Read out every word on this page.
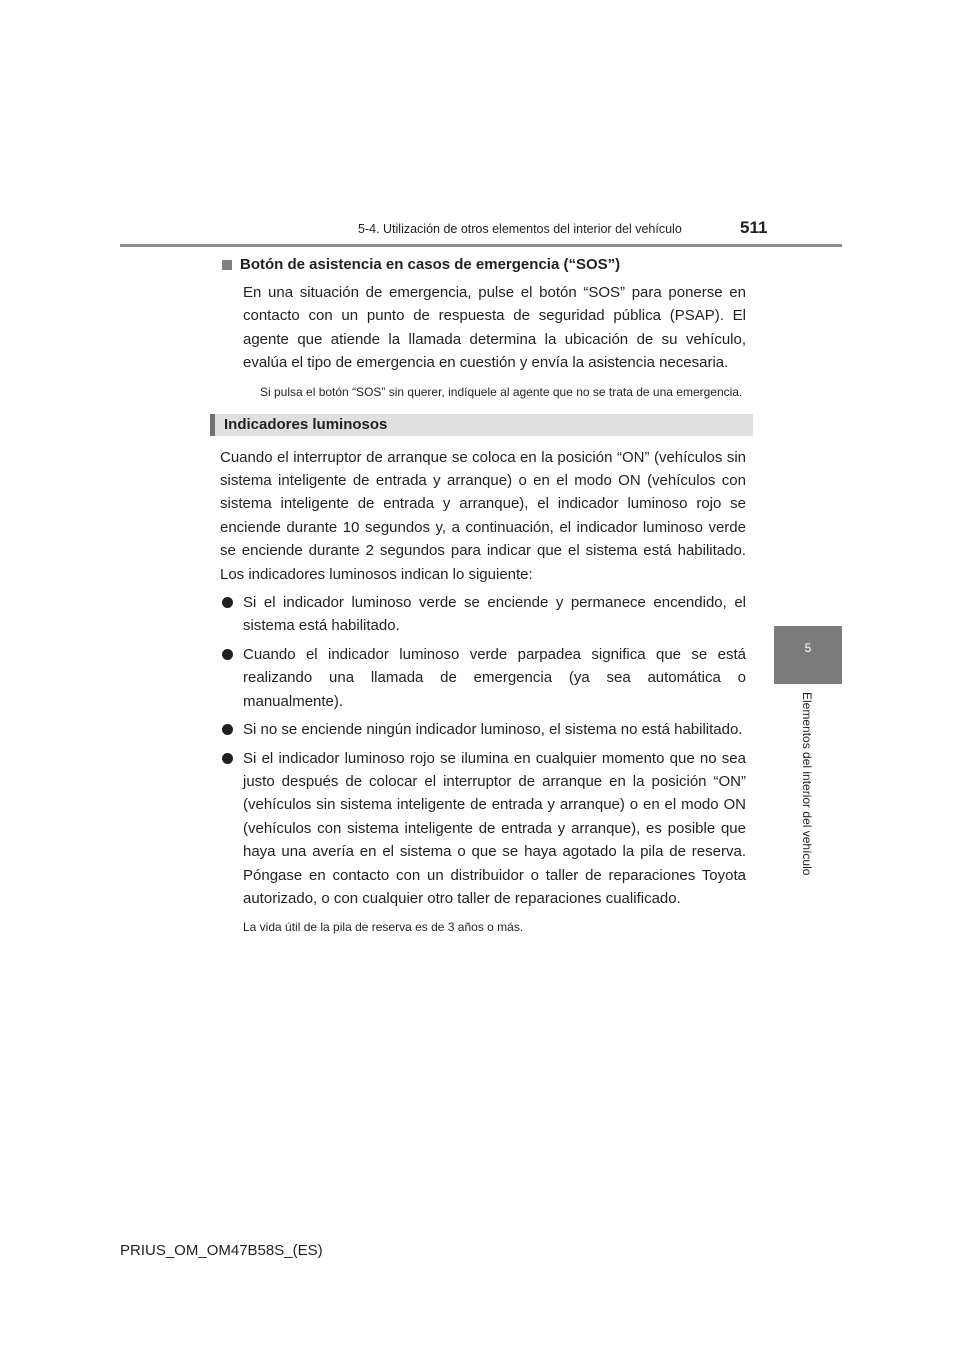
5-4. Utilización de otros elementos del interior del vehículo	511
5
Elementos del interior del vehículo
Botón de asistencia en casos de emergencia (“SOS”)

En una situación de emergencia, pulse el botón “SOS” para ponerse en contacto con un punto de respuesta de seguridad pública (PSAP). El agente que atiende la llamada determina la ubicación de su vehículo, evalúa el tipo de emergencia en cuestión y envía la asistencia necesaria.

Si pulsa el botón “SOS” sin querer, indíquele al agente que no se trata de una emergencia.

Indicadores luminosos

Cuando el interruptor de arranque se coloca en la posición “ON” (vehículos sin sistema inteligente de entrada y arranque) o en el modo ON (vehículos con sistema inteligente de entrada y arranque), el indicador luminoso rojo se enciende durante 10 segundos y, a continuación, el indicador luminoso verde se enciende durante 2 segundos para indicar que el sistema está habilitado. Los indicadores luminosos indican lo siguiente:

Si el indicador luminoso verde se enciende y permanece encendido, el sistema está habilitado.
Cuando el indicador luminoso verde parpadea significa que se está realizando una llamada de emergencia (ya sea automática o manualmente).
Si no se enciende ningún indicador luminoso, el sistema no está habilitado.
Si el indicador luminoso rojo se ilumina en cualquier momento que no sea justo después de colocar el interruptor de arranque en la posición “ON” (vehículos sin sistema inteligente de entrada y arranque) o en el modo ON (vehículos con sistema inteligente de entrada y arranque), es posible que haya una avería en el sistema o que se haya agotado la pila de reserva. Póngase en contacto con un distribuidor o taller de reparaciones Toyota autorizado, o con cualquier otro taller de reparaciones cualificado.

La vida útil de la pila de reserva es de 3 años o más.

PRIUS_OM_OM47B58S_(ES)
